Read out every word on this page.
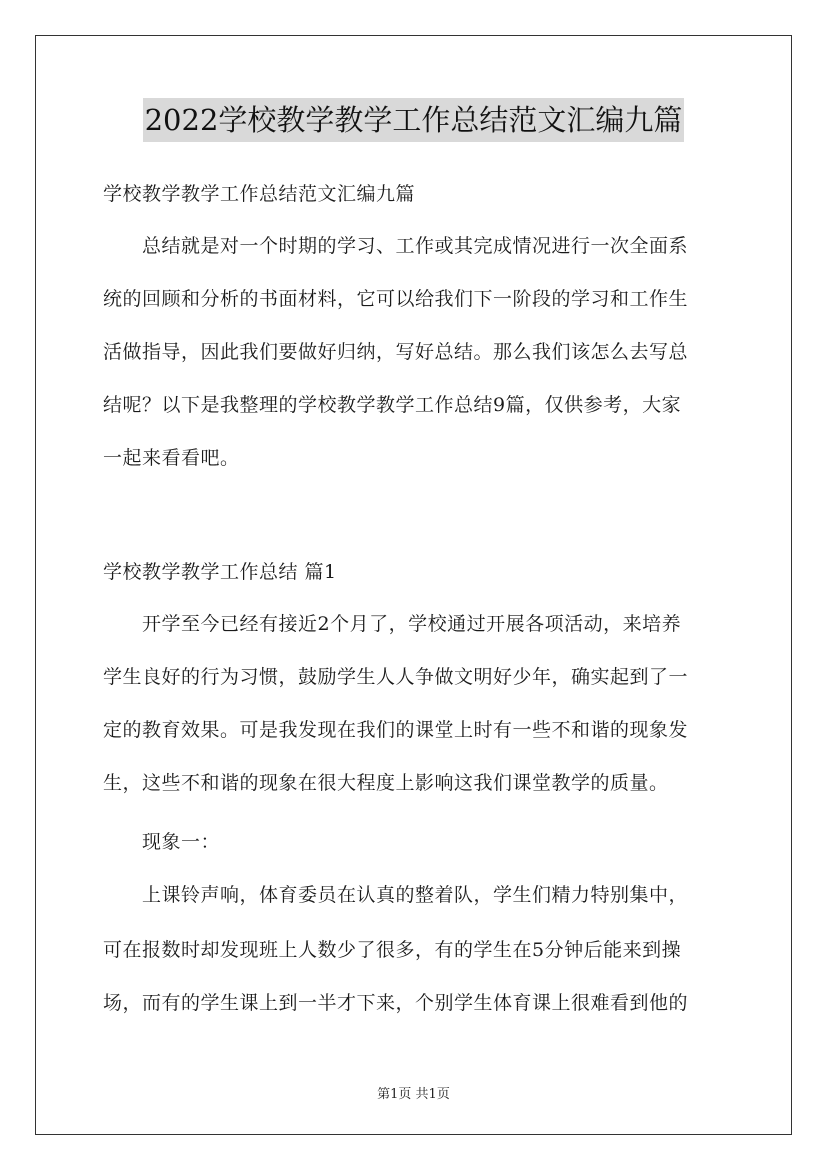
2022学校教学教学工作总结范文汇编九篇
学校教学教学工作总结范文汇编九篇
　　总结就是对一个时期的学习、工作或其完成情况进行一次全面系
统的回顾和分析的书面材料，它可以给我们下一阶段的学习和工作生
活做指导，因此我们要做好归纳，写好总结。那么我们该怎么去写总
结呢？以下是我整理的学校教学教学工作总结9篇，仅供参考，大家
一起来看看吧。
学校教学教学工作总结 篇1
　　开学至今已经有接近2个月了，学校通过开展各项活动，来培养
学生良好的行为习惯，鼓励学生人人争做文明好少年，确实起到了一
定的教育效果。可是我发现在我们的课堂上时有一些不和谐的现象发
生，这些不和谐的现象在很大程度上影响这我们课堂教学的质量。
　　现象一：
　　上课铃声响，体育委员在认真的整着队，学生们精力特别集中，
可在报数时却发现班上人数少了很多，有的学生在5分钟后能来到操
场，而有的学生课上到一半才下来，个别学生体育课上很难看到他的
第1页 共1页
